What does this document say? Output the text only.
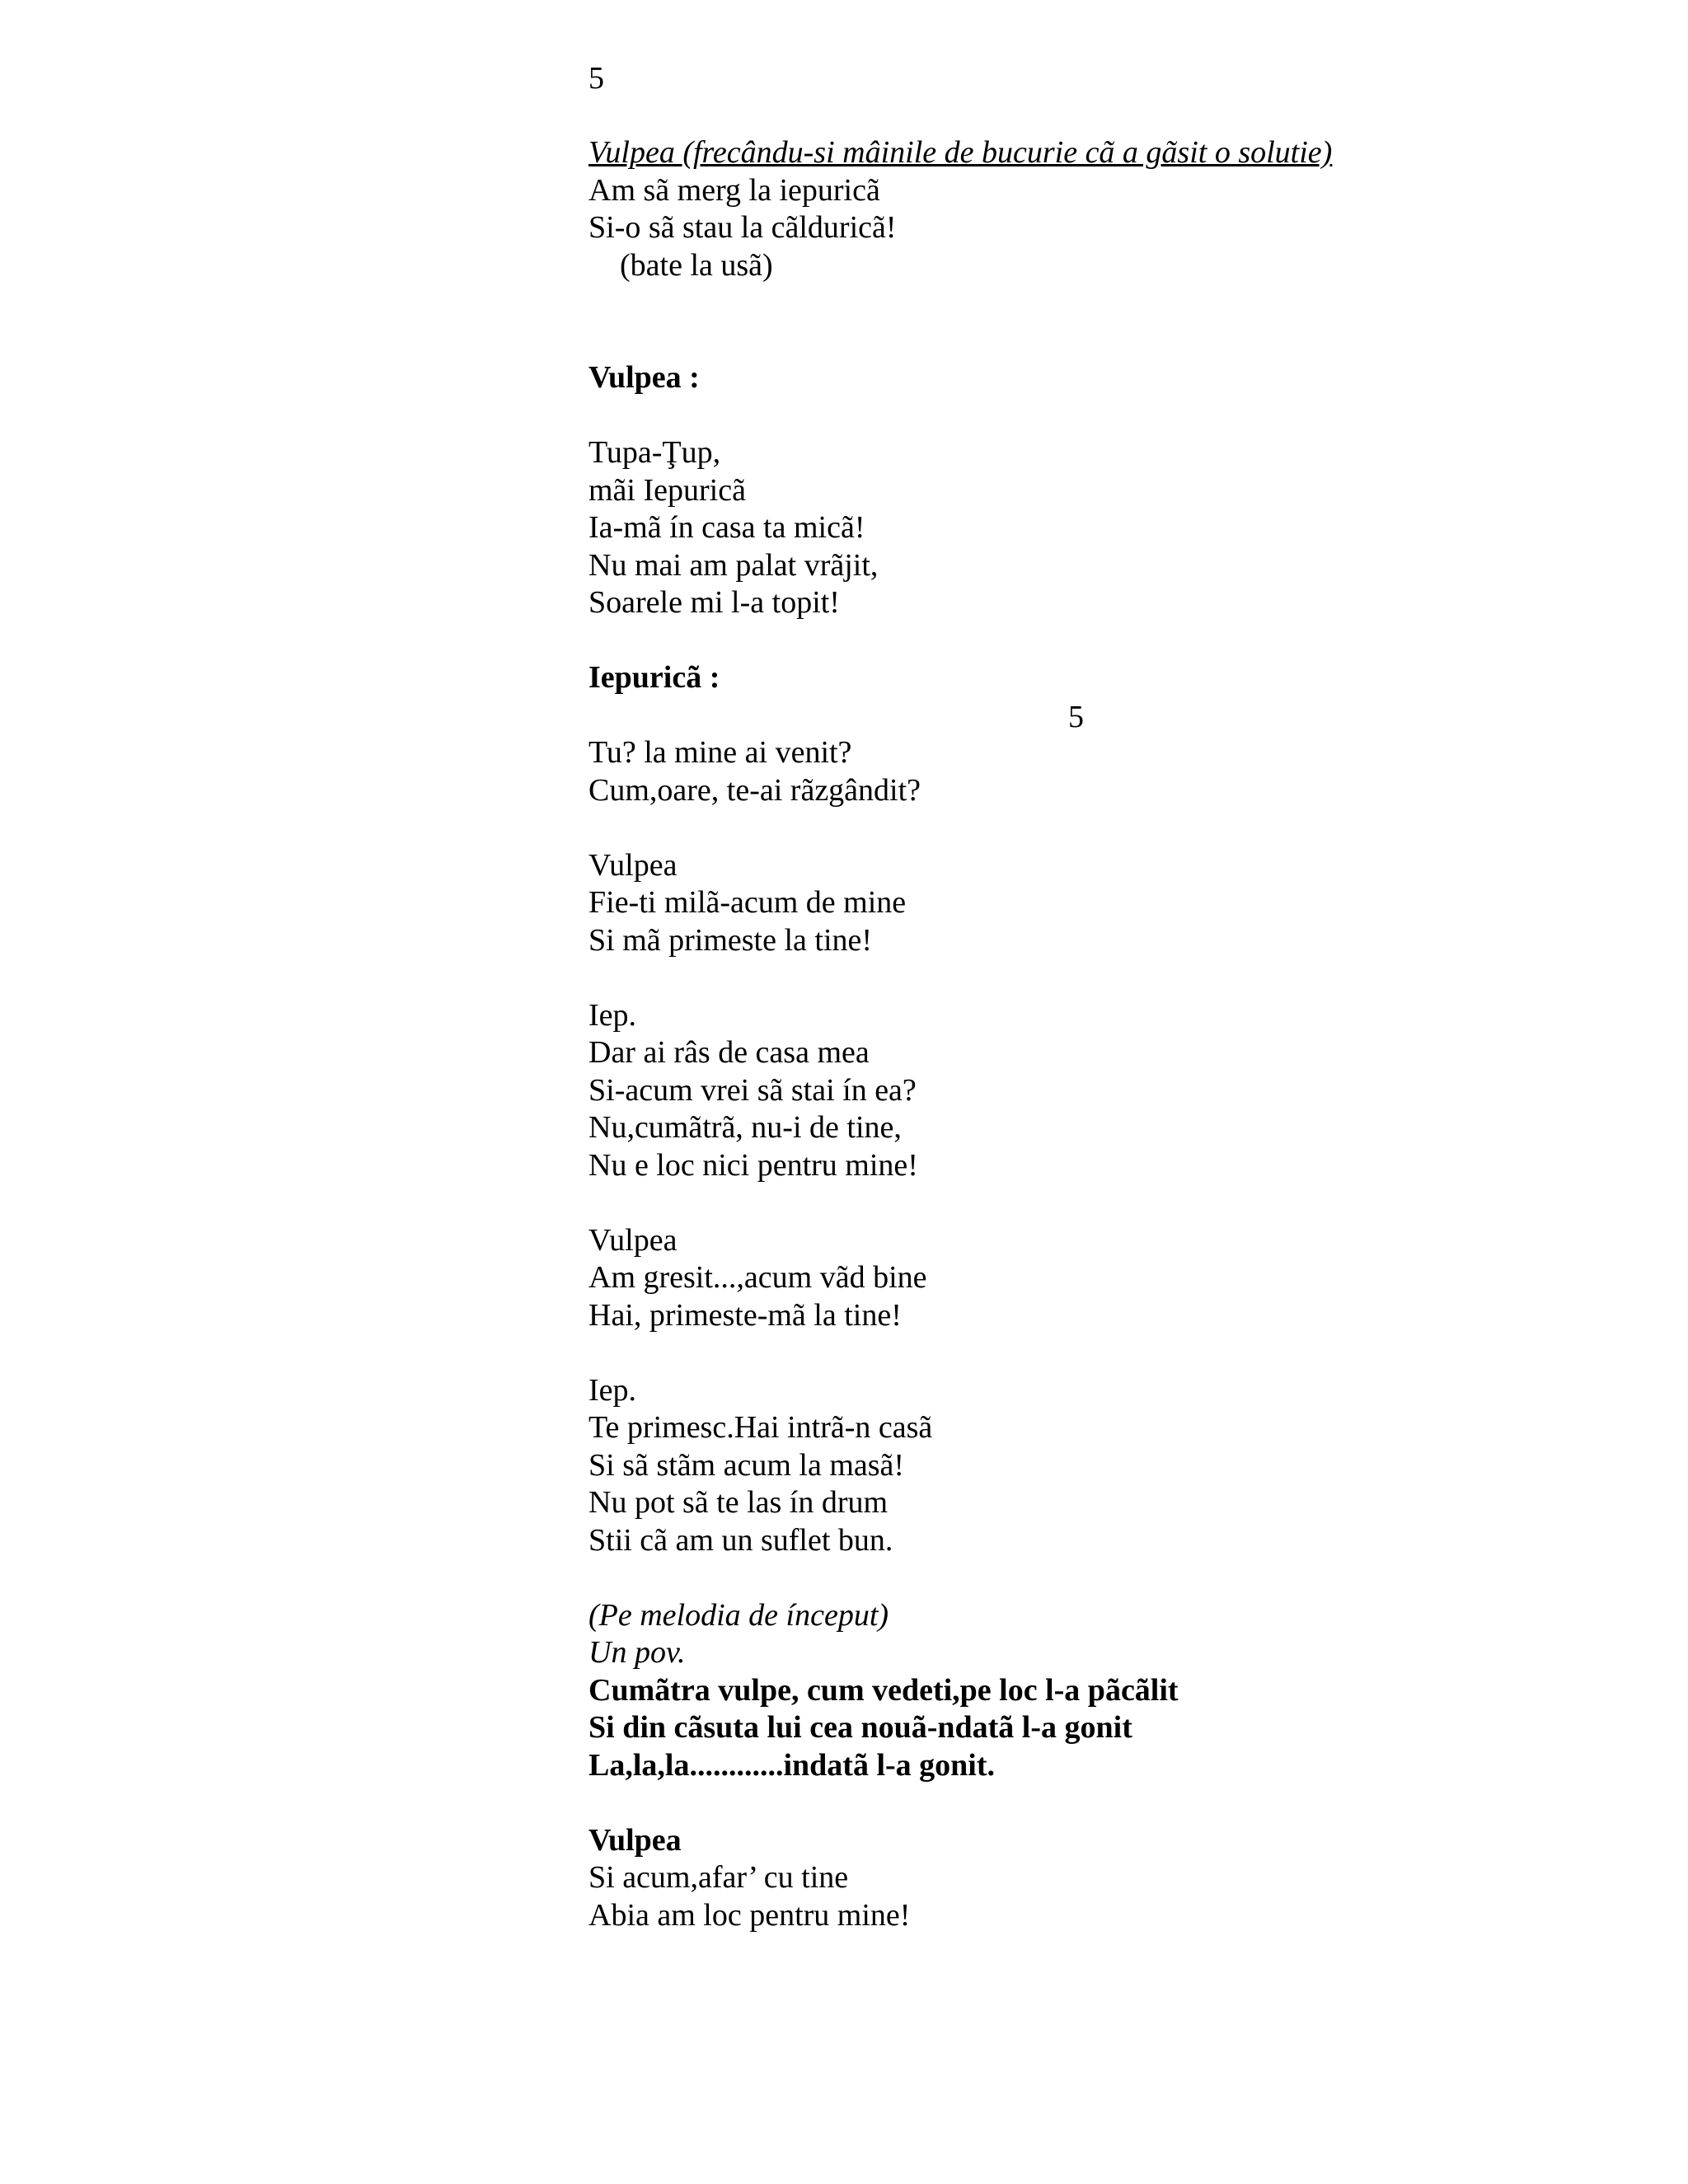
5

5

Vulpea (frecându-si mâinile de bucurie cã a gãsit o solutie)
Am sã merg la iepuricã
Si-o sã stau la cãlduricã!
(bate la usã)
Vulpea :
Tupa-Ţup,
mãi Iepuricã
Ia-mã ín casa ta micã!
Nu mai am palat vrãjit,
Soarele mi l-a topit!
Iepuricã :
Tu? la mine ai venit?
Cum,oare, te-ai rãzgândit?
Vulpea
Fie-ti milã-acum de mine
Si mã primeste la tine!
Iep.
Dar ai râs de casa mea
Si-acum vrei sã stai ín ea?
Nu,cumãtrã, nu-i de tine,
Nu e loc nici pentru mine!
Vulpea
Am gresit...,acum vãd bine
Hai, primeste-mã la tine!
Iep.
Te primesc.Hai intrã-n casã
Si sã stãm acum la masã!
Nu pot sã te las ín drum
Stii cã am un suflet bun.
(Pe melodia de ínceput)
Un pov.
Cumãtra vulpe, cum vedeti,pe loc l-a pãcãlit
Si din cãsuta lui cea nouã-ndatã l-a gonit
La,la,la............indatã l-a gonit.
Vulpea
Si acum,afar’ cu tine
Abia am loc pentru mine!
